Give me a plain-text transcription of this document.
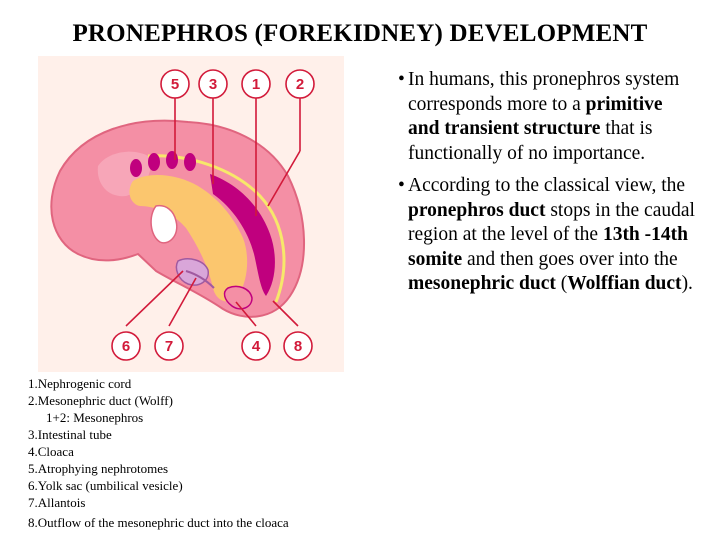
PRONEPHROS (FOREKIDNEY) DEVELOPMENT
5 3 1 2
6 7	4 8
1.Nephrogenic cord
2.Mesonephric duct (Wolff)
1+2: Mesonephros
3.Intestinal tube
4.Cloaca
5.Atrophying nephrotomes
6.Yolk sac (umbilical vesicle)
7.Allantois
8.Outflow of the mesonephric duct into the cloaca
• In humans, this pronephros system corresponds more to a primitive and transient structure that is functionally of no importance.
• According to the classical view, the pronephros duct stops in the caudal region at the level of the 13th -14th somite and then goes over into the mesonephric duct (Wolffian duct).
